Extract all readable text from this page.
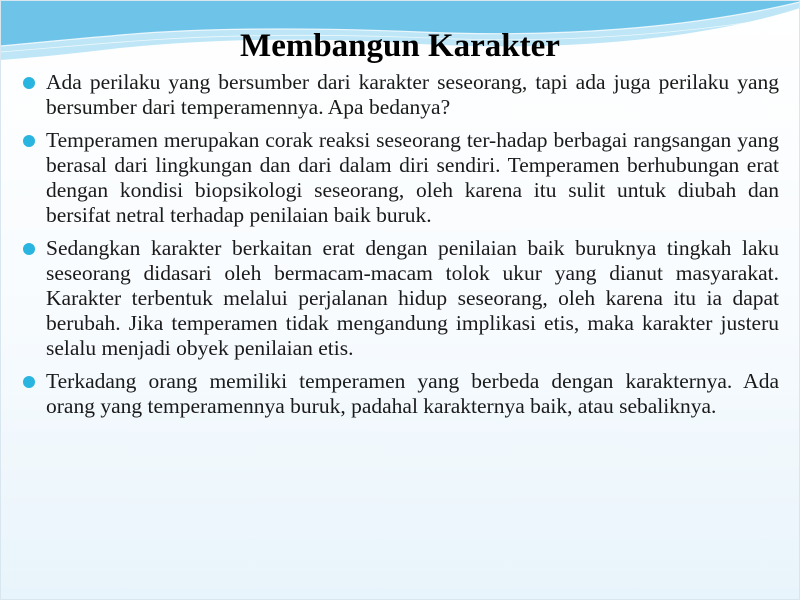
Membangun Karakter
Ada perilaku yang bersumber dari karakter seseorang, tapi ada juga perilaku yang bersumber dari temperamennya. Apa bedanya?
Temperamen merupakan corak reaksi seseorang ter-hadap berbagai rangsangan yang berasal dari lingkungan dan dari dalam diri sendiri. Temperamen berhubungan erat dengan kondisi biopsikologi seseorang, oleh karena itu sulit untuk diubah dan bersifat netral terhadap penilaian baik buruk.
Sedangkan karakter berkaitan erat dengan penilaian baik buruknya tingkah laku seseorang didasari oleh bermacam-macam tolok ukur yang dianut masyarakat. Karakter terbentuk melalui perjalanan hidup seseorang, oleh karena itu ia dapat berubah. Jika temperamen tidak mengandung implikasi etis, maka karakter justeru selalu menjadi obyek penilaian etis.
Terkadang orang memiliki temperamen yang berbeda dengan karakternya. Ada orang yang temperamennya buruk, padahal karakternya baik, atau sebaliknya.
